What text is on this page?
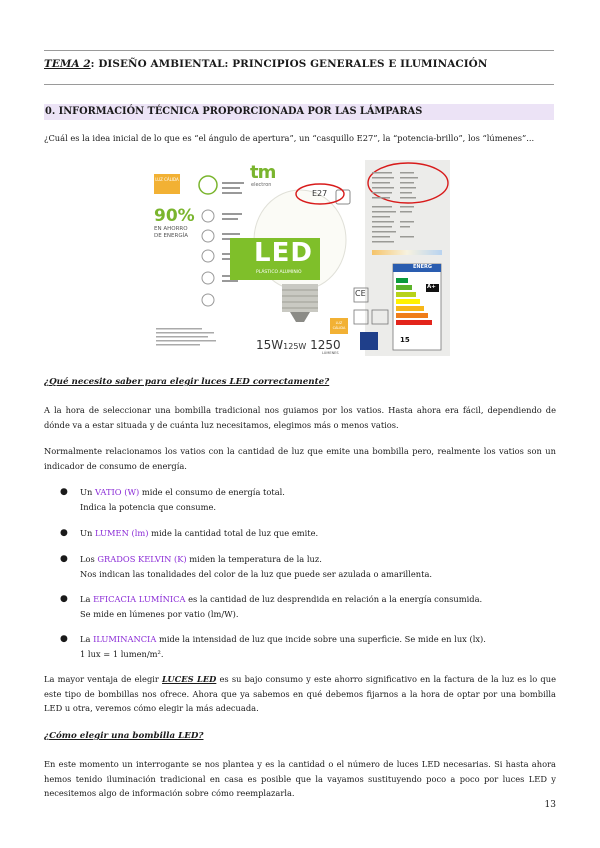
TEMA 2: DISEÑO AMBIENTAL: PRINCIPIOS GENERALES E ILUMINACIÓN
0. INFORMACIÓN TÉCNICA PROPORCIONADA POR LAS LÁMPARAS
¿Cuál es la idea inicial de lo que es “el ángulo de apertura”, un “casquillo E27”, la “potencia-brillo”, los “lúmenes”...
tm
electron
LUZ CÁLIDA
90%
EN AHORRO
DE ENERGÍA
LED
PLÁSTICO ALUMINIO
E27
LUZ CÁLIDA
15W125W 1250
LÚMENES
ENERG
A+
15
CE
¿Qué necesito saber para elegir luces LED correctamente?
A la hora de seleccionar una bombilla tradicional nos guiamos por los vatios. Hasta ahora era fácil, dependiendo de dónde va a estar situada y de cuánta luz necesitamos, elegimos más o menos vatios.
Normalmente relacionamos los vatios con la cantidad de luz que emite una bombilla pero, realmente los vatios son un indicador de consumo de energía.
● Un VATIO (W) mide el consumo de energía total.
Indica la potencia que consume.
● Un LUMEN (lm) mide la cantidad total de luz que emite.
● Los GRADOS KELVIN (K) miden la temperatura de la luz.
Nos indican las tonalidades del color de la luz que puede ser azulada o amarillenta.
● La EFICACIA LUMÍNICA es la cantidad de luz desprendida en relación a la energía consumida.
Se mide en lúmenes por vatio (lm/W).
● La ILUMINANCIA mide la intensidad de luz que incide sobre una superficie. Se mide en lux (lx).
1 lux = 1 lumen/m².
La mayor ventaja de elegir LUCES LED es su bajo consumo y este ahorro significativo en la factura de la luz es lo que este tipo de bombillas nos ofrece. Ahora que ya sabemos en qué debemos fijarnos a la hora de optar por una bombilla LED u otra, veremos cómo elegir la más adecuada.
¿Cómo elegir una bombilla LED?
En este momento un interrogante se nos plantea y es la cantidad o el número de luces LED necesarias. Si hasta ahora hemos tenido iluminación tradicional en casa es posible que la vayamos sustituyendo poco a poco por luces LED y necesitemos algo de información sobre cómo reemplazarla.
13
